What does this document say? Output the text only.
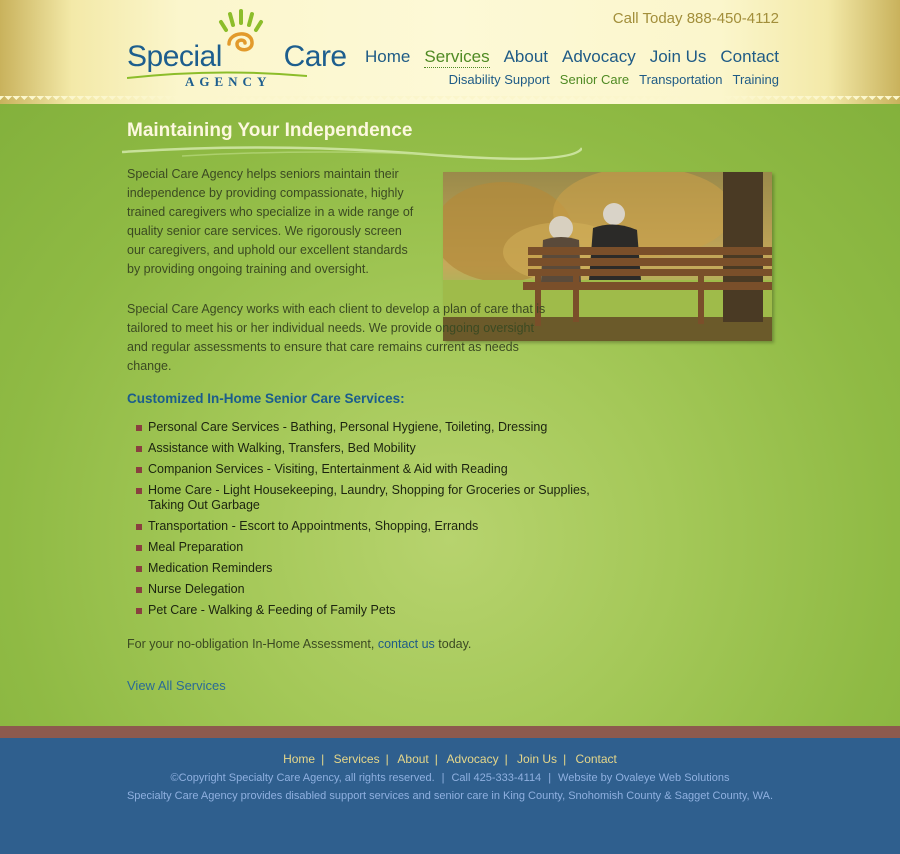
Special Care
AGENCY
Call Today 888-450-4112
Home Services About Advocacy Join Us Contact
Disability Support Senior Care Transportation Training
Maintaining Your Independence

Special Care Agency helps seniors maintain their independence by providing compassionate, highly trained caregivers who specialize in a wide range of quality senior care services. We rigorously screen our caregivers, and uphold our excellent standards by providing ongoing training and oversight.

Special Care Agency works with each client to develop a plan of care that is tailored to meet his or her individual needs. We provide ongoing oversight and regular assessments to ensure that care remains current as needs change.

Customized In-Home Senior Care Services:
Personal Care Services - Bathing, Personal Hygiene, Toileting, Dressing
Assistance with Walking, Transfers, Bed Mobility
Companion Services - Visiting, Entertainment & Aid with Reading
Home Care - Light Housekeeping, Laundry, Shopping for Groceries or Supplies, Taking Out Garbage
Transportation - Escort to Appointments, Shopping, Errands
Meal Preparation
Medication Reminders
Nurse Delegation
Pet Care - Walking & Feeding of Family Pets

For your no-obligation In-Home Assessment, contact us today.

View All Services
Home | Services | About | Advocacy | Join Us | Contact
©Copyright Specialty Care Agency, all rights reserved. | Call 425-333-4114 | Website by Ovaleye Web Solutions
Specialty Care Agency provides disabled support services and senior care in King County, Snohomish County & Sagget County, WA.
